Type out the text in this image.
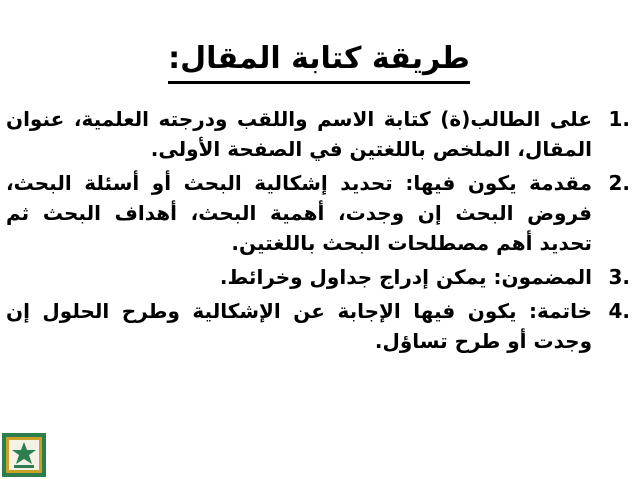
طريقة كتابة المقال:
1.
على الطالب(ة) كتابة الاسم واللقب ودرجته العلمية، عنوان المقال، الملخص باللغتين في الصفحة الأولى.
2.
مقدمة يكون فيها: تحديد إشكالية البحث أو أسئلة البحث، فروض البحث إن وجدت، أهمية البحث، أهداف البحث ثم تحديد أهم مصطلحات البحث باللغتين.
3.
المضمون: يمكن إدراج جداول وخرائط.
4.
خاتمة: يكون فيها الإجابة عن الإشكالية وطرح الحلول إن وجدت أو طرح تساؤل.
